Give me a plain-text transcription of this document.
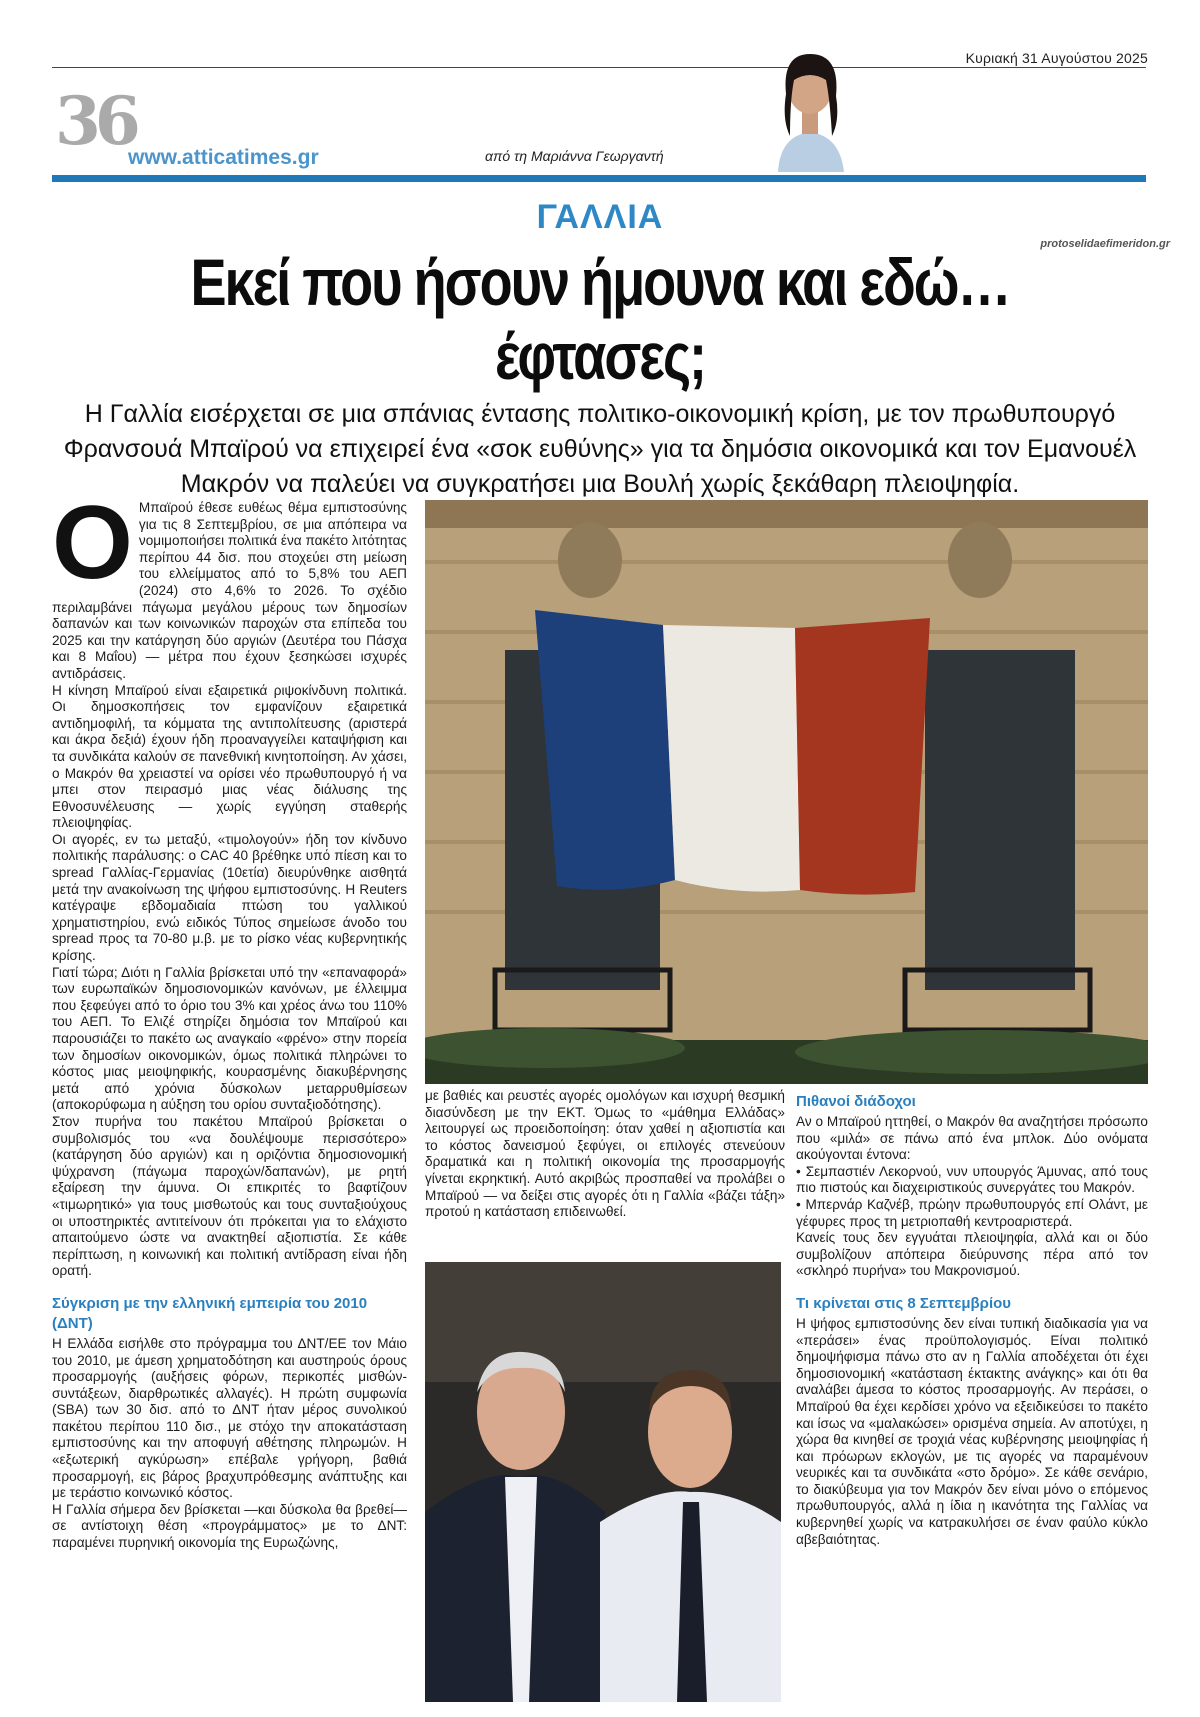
Κυριακή 31 Αυγούστου 2025
36
www.atticatimes.gr	από τη Μαριάννα Γεωργαντή
ΓΑΛΛΙΑ
protoselidaefimeridon.gr
Εκεί που ήσουν ήμουνα και εδώ…
έφτασες;
Η Γαλλία εισέρχεται σε μια σπάνιας έντασης πολιτικο-οικονομική κρίση, με τον πρωθυπουργό
Φρανσουά Μπαϊρού να επιχειρεί ένα «σοκ ευθύνης» για τα δημόσια οικονομικά και τον Εμανουέλ
Μακρόν να παλεύει να συγκρατήσει μια Βουλή χωρίς ξεκάθαρη πλειοψηφία.
Ο Μπαϊρού έθεσε ευθέως θέμα εμπιστοσύνης για τις 8 Σεπτεμβρίου, σε μια απόπειρα να νομιμοποιήσει πολιτικά ένα πακέτο λιτότητας περίπου 44 δισ. που στοχεύει στη μείωση του ελλείμματος από το 5,8% του ΑΕΠ (2024) στο 4,6% το 2026. Το σχέδιο περιλαμβάνει πάγωμα μεγάλου μέρους των δημοσίων δαπανών και των κοινωνικών παροχών στα επίπεδα του 2025 και την κατάργηση δύο αργιών (Δευτέρα του Πάσχα και 8 Μαΐου) — μέτρα που έχουν ξεσηκώσει ισχυρές αντιδράσεις.

Η κίνηση Μπαϊρού είναι εξαιρετικά ριψοκίνδυνη πολιτικά. Οι δημοσκοπήσεις τον εμφανίζουν εξαιρετικά αντιδημοφιλή, τα κόμματα της αντιπολίτευσης (αριστερά και άκρα δεξιά) έχουν ήδη προαναγγείλει καταψήφιση και τα συνδικάτα καλούν σε πανεθνική κινητοποίηση. Αν χάσει, ο Μακρόν θα χρειαστεί να ορίσει νέο πρωθυπουργό ή να μπει στον πειρασμό μιας νέας διάλυσης της Εθνοσυνέλευσης — χωρίς εγγύηση σταθερής πλειοψηφίας.

Οι αγορές, εν τω μεταξύ, «τιμολογούν» ήδη τον κίνδυνο πολιτικής παράλυσης: ο CAC 40 βρέθηκε υπό πίεση και το spread Γαλλίας-Γερμανίας (10ετία) διευρύνθηκε αισθητά μετά την ανακοίνωση της ψήφου εμπιστοσύνης. Η Reuters κατέγραψε εβδομαδιαία πτώση του γαλλικού χρηματιστηρίου, ενώ ειδικός Τύπος σημείωσε άνοδο του spread προς τα 70-80 μ.β. με το ρίσκο νέας κυβερνητικής κρίσης.

Γιατί τώρα; Διότι η Γαλλία βρίσκεται υπό την «επαναφορά» των ευρωπαϊκών δημοσιονομικών κανόνων, με έλλειμμα που ξεφεύγει από το όριο του 3% και χρέος άνω του 110% του ΑΕΠ. Το Ελιζέ στηρίζει δημόσια τον Μπαϊρού και παρουσιάζει το πακέτο ως αναγκαίο «φρένο» στην πορεία των δημοσίων οικονομικών, όμως πολιτικά πληρώνει το κόστος μιας μειοψηφικής, κουρασμένης διακυβέρνησης μετά από χρόνια δύσκολων μεταρρυθμίσεων (αποκορύφωμα η αύξηση του ορίου συνταξιοδότησης).

Στον πυρήνα του πακέτου Μπαϊρού βρίσκεται ο συμβολισμός του «να δουλέψουμε περισσότερο» (κατάργηση δύο αργιών) και η οριζόντια δημοσιονομική ψύχρανση (πάγωμα παροχών/δαπανών), με ρητή εξαίρεση την άμυνα. Οι επικριτές το βαφτίζουν «τιμωρητικό» για τους μισθωτούς και τους συνταξιούχους οι υποστηρικτές αντιτείνουν ότι πρόκειται για το ελάχιστο απαιτούμενο ώστε να ανακτηθεί αξιοπιστία. Σε κάθε περίπτωση, η κοινωνική και πολιτική αντίδραση είναι ήδη ορατή.

Σύγκριση με την ελληνική εμπειρία του 2010 (ΔΝΤ)

Η Ελλάδα εισήλθε στο πρόγραμμα του ΔΝΤ/ΕΕ τον Μάιο του 2010, με άμεση χρηματοδότηση και αυστηρούς όρους προσαρμογής (αυξήσεις φόρων, περικοπές μισθών-συντάξεων, διαρθρωτικές αλλαγές). Η πρώτη συμφωνία (SBA) των 30 δισ. από το ΔΝΤ ήταν μέρος συνολικού πακέτου περίπου 110 δισ., με στόχο την αποκατάσταση εμπιστοσύνης και την αποφυγή αθέτησης πληρωμών. Η «εξωτερική αγκύρωση» επέβαλε γρήγορη, βαθιά προσαρμογή, εις βάρος βραχυπρόθεσμης ανάπτυξης και με τεράστιο κοινωνικό κόστος.

Η Γαλλία σήμερα δεν βρίσκεται —και δύσκολα θα βρεθεί— σε αντίστοιχη θέση «προγράμματος» με το ΔΝΤ: παραμένει πυρηνική οικονομία της Ευρωζώνης,

με βαθιές και ρευστές αγορές ομολόγων και ισχυρή θεσμική διασύνδεση με την ΕΚΤ. Όμως το «μάθημα Ελλάδας» λειτουργεί ως προειδοποίηση: όταν χαθεί η αξιοπιστία και το κόστος δανεισμού ξεφύγει, οι επιλογές στενεύουν δραματικά και η πολιτική οικονομία της προσαρμογής γίνεται εκρηκτική. Αυτό ακριβώς προσπαθεί να προλάβει ο Μπαϊρού — να δείξει στις αγορές ότι η Γαλλία «βάζει τάξη» προτού η κατάσταση επιδεινωθεί.

Πιθανοί διάδοχοι

Αν ο Μπαϊρού ηττηθεί, ο Μακρόν θα αναζητήσει πρόσωπο που «μιλά» σε πάνω από ένα μπλοκ. Δύο ονόματα ακούγονται έντονα:

• Σεμπαστιέν Λεκορνού, νυν υπουργός Άμυνας, από τους πιο πιστούς και διαχειριστικούς συνεργάτες του Μακρόν.

• Μπερνάρ Καζνέβ, πρώην πρωθυπουργός επί Ολάντ, με γέφυρες προς τη μετριοπαθή κεντροαριστερά.

Κανείς τους δεν εγγυάται πλειοψηφία, αλλά και οι δύο συμβολίζουν απόπειρα διεύρυνσης πέρα από τον «σκληρό πυρήνα» του Μακρονισμού.

Τι κρίνεται στις 8 Σεπτεμβρίου

Η ψήφος εμπιστοσύνης δεν είναι τυπική διαδικασία για να «περάσει» ένας προϋπολογισμός. Είναι πολιτικό δημοψήφισμα πάνω στο αν η Γαλλία αποδέχεται ότι έχει δημοσιονομική «κατάσταση έκτακτης ανάγκης» και ότι θα αναλάβει άμεσα το κόστος προσαρμογής. Αν περάσει, ο Μπαϊρού θα έχει κερδίσει χρόνο να εξειδικεύσει το πακέτο και ίσως να «μαλακώσει» ορισμένα σημεία. Αν αποτύχει, η χώρα θα κινηθεί σε τροχιά νέας κυβέρνησης μειοψηφίας ή και πρόωρων εκλογών, με τις αγορές να παραμένουν νευρικές και τα συνδικάτα «στο δρόμο». Σε κάθε σενάριο, το διακύβευμα για τον Μακρόν δεν είναι μόνο ο επόμενος πρωθυπουργός, αλλά η ίδια η ικανότητα της Γαλλίας να κυβερνηθεί χωρίς να κατρακυλήσει σε έναν φαύλο κύκλο αβεβαιότητας.
